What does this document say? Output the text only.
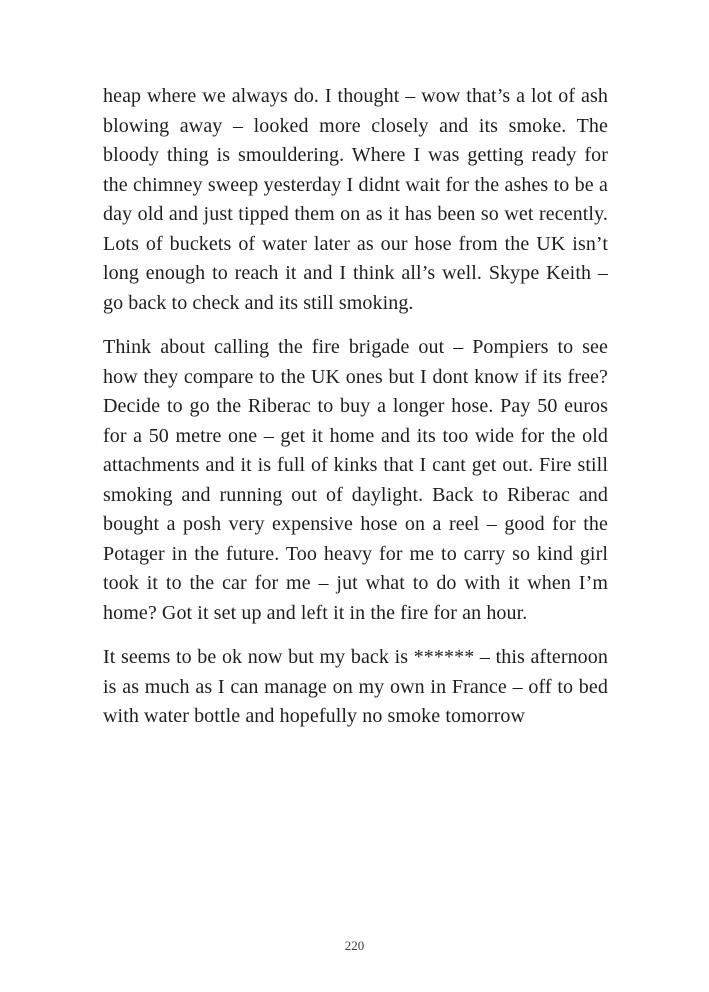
heap where we always do. I thought – wow that’s a lot of ash blowing away – looked more closely and its smoke. The bloody thing is smouldering. Where I was getting ready for the chimney sweep yesterday I didnt wait for the ashes to be a day old and just tipped them on as it has been so wet recently. Lots of buckets of water later as our hose from the UK isn’t long enough to reach it and I think all’s well. Skype Keith – go back to check and its still smoking.

Think about calling the fire brigade out – Pompiers to see how they compare to the UK ones but I dont know if its free? Decide to go the Riberac to buy a longer hose. Pay 50 euros for a 50 metre one – get it home and its too wide for the old attachments and it is full of kinks that I cant get out. Fire still smoking and running out of daylight. Back to Riberac and bought a posh very expensive hose on a reel – good for the Potager in the future. Too heavy for me to carry so kind girl took it to the car for me – jut what to do with it when I’m home? Got it set up and left it in the fire for an hour.

It seems to be ok now but my back is ****** – this afternoon is as much as I can manage on my own in France – off to bed with water bottle and hopefully no smoke tomorrow

220
